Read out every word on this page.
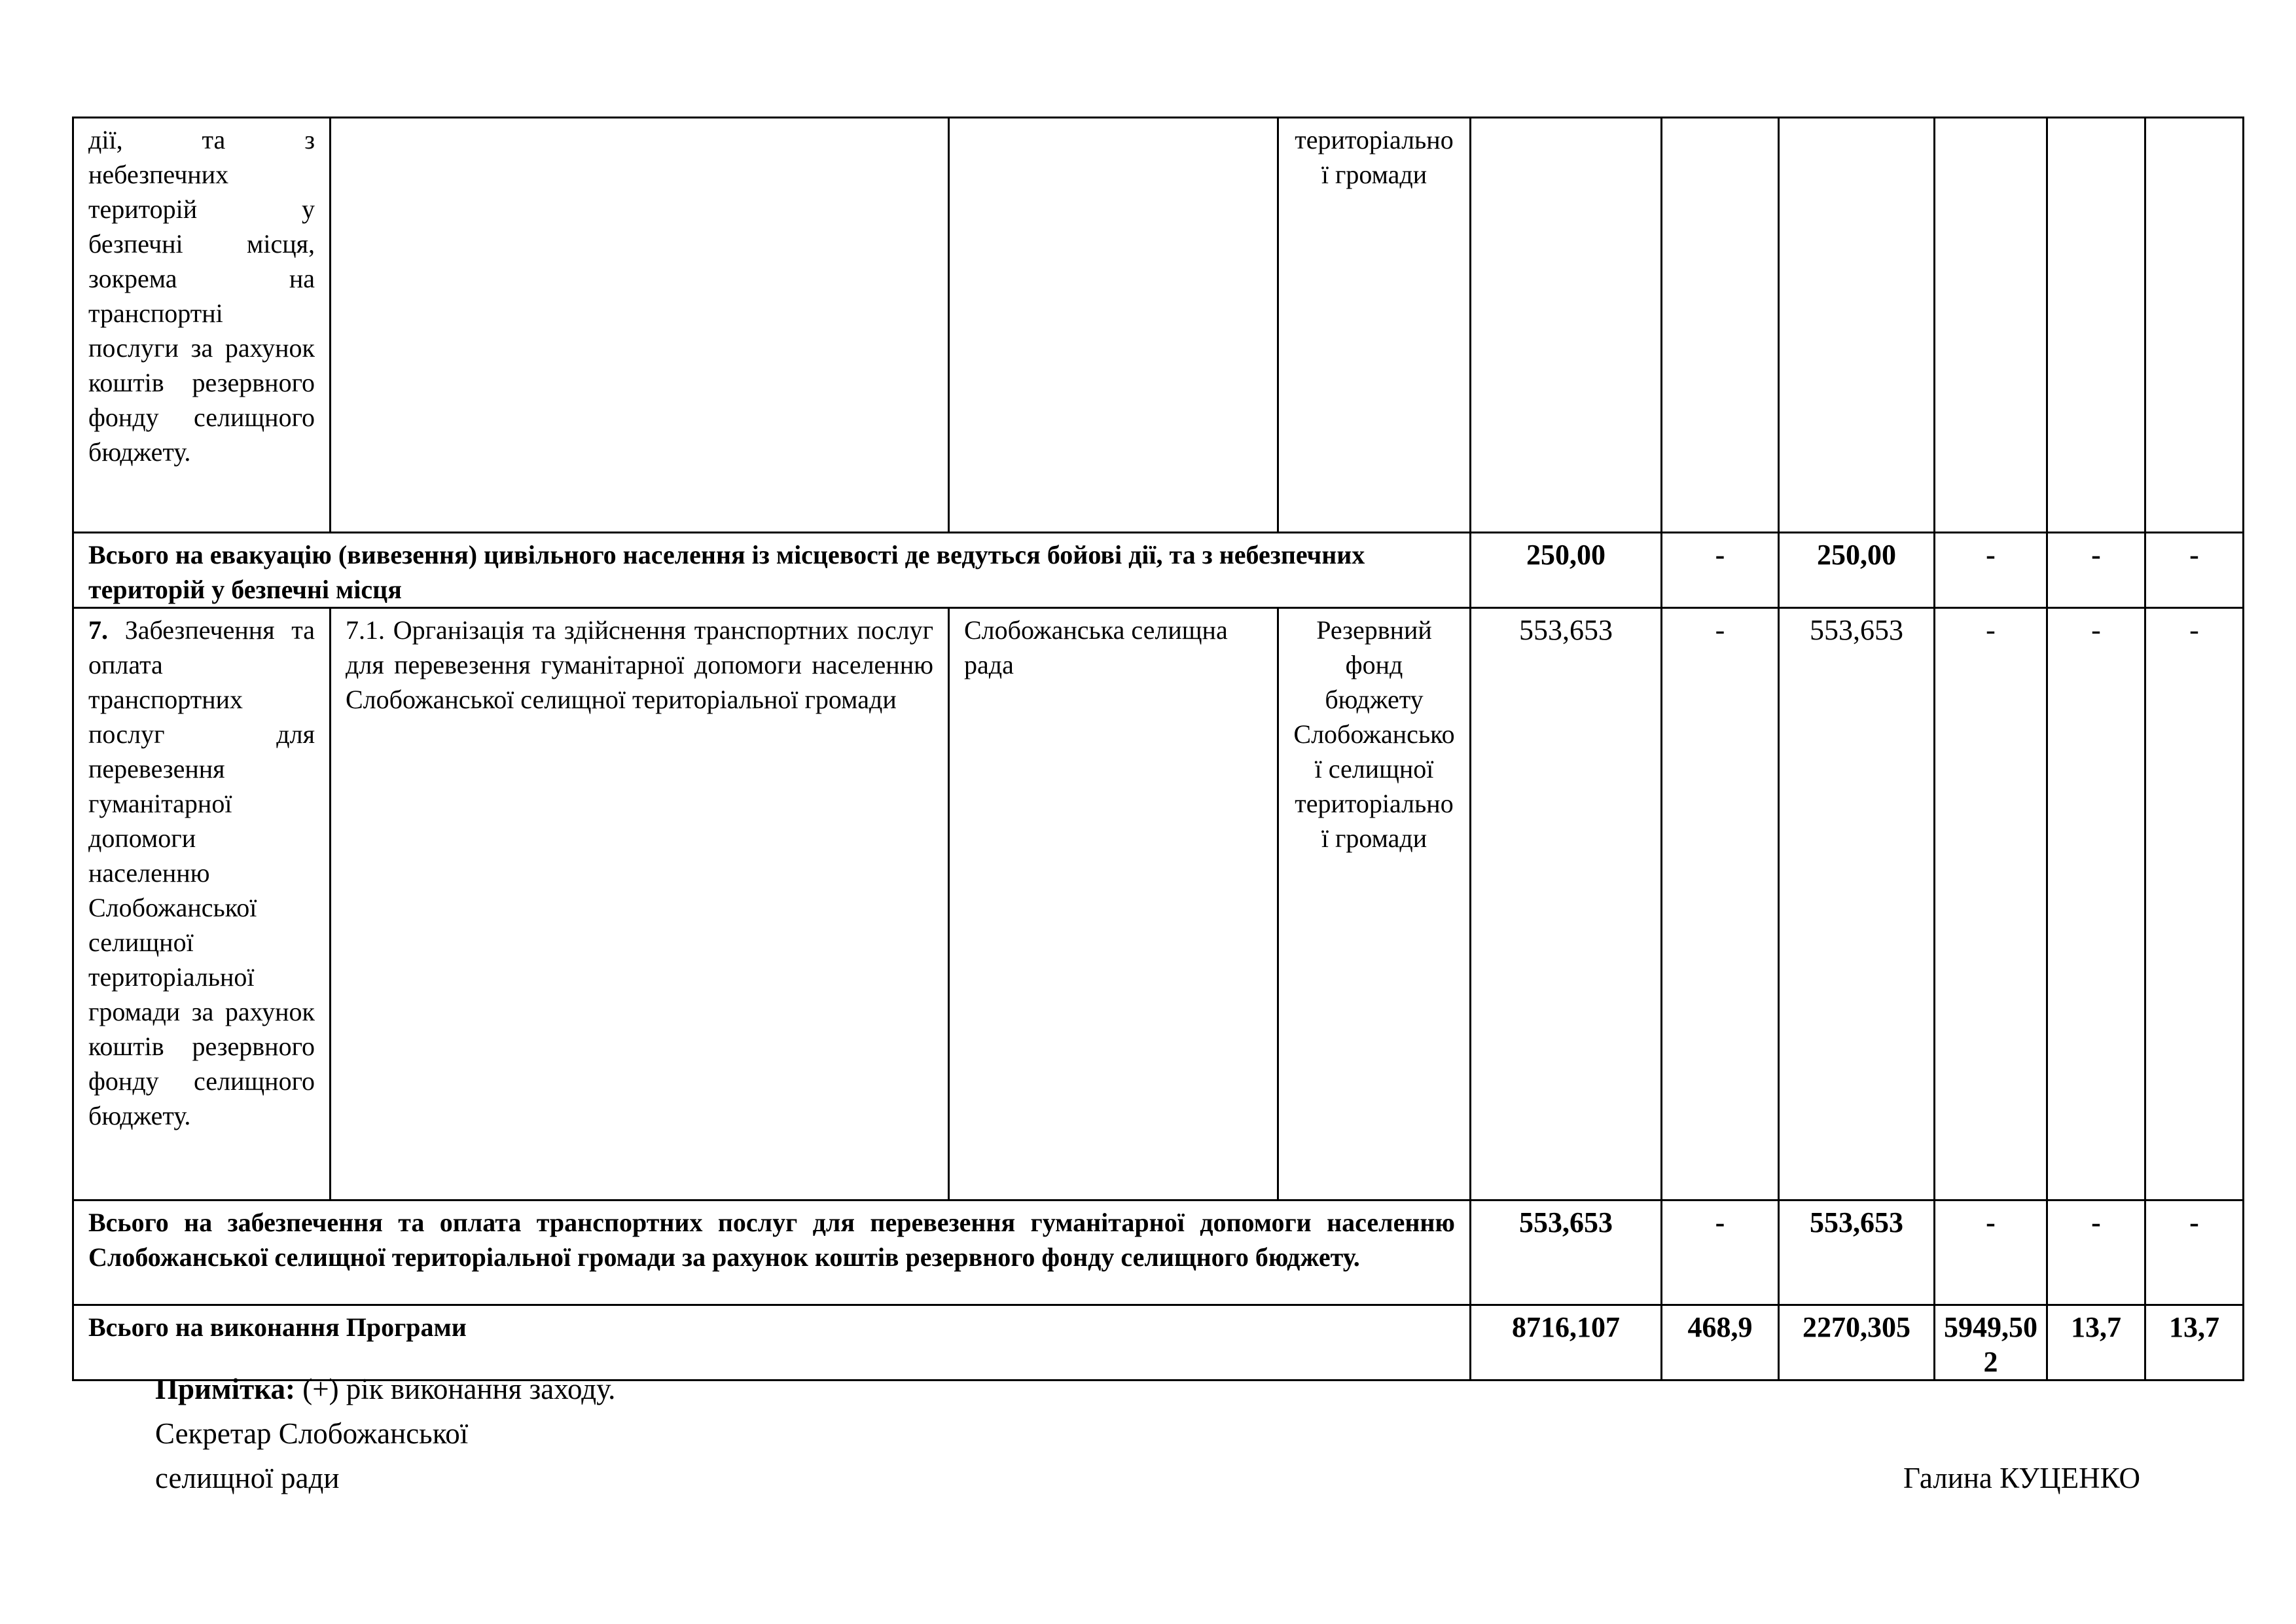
дії, та з небезпечних територій у безпечні місця, зокрема на транспортні послуги за рахунок коштів резервного фонду селищного бюджету.			територіальної громади						
Всього на евакуацію (вивезення) цивільного населення із місцевості де ведуться бойові дії, та з небезпечних територій у безпечні місця				250,00	-	250,00	-	-	-
7. Забезпечення та оплата транспортних послуг для перевезення гуманітарної допомоги населенню Слобожанської селищної територіальної громади за рахунок коштів резервного фонду селищного бюджету.	7.1. Організація та здійснення транспортних послуг для перевезення гуманітарної допомоги населенню Слобожанської селищної територіальної громади	Слобожанська селищна рада	Резервний фонд бюджету Слобожанської селищної територіальної громади	553,653	-	553,653	-	-	-
Всього на забезпечення та оплата транспортних послуг для перевезення гуманітарної допомоги населенню Слобожанської селищної територіальної громади за рахунок коштів резервного фонду селищного бюджету.				553,653	-	553,653	-	-	-
Всього на виконання Програми				8716,107	468,9	2270,305	5949,502	13,7	13,7
Примітка: (+) рік виконання заходу.
Секретар Слобожанської
селищної ради	Галина КУЦЕНКО
